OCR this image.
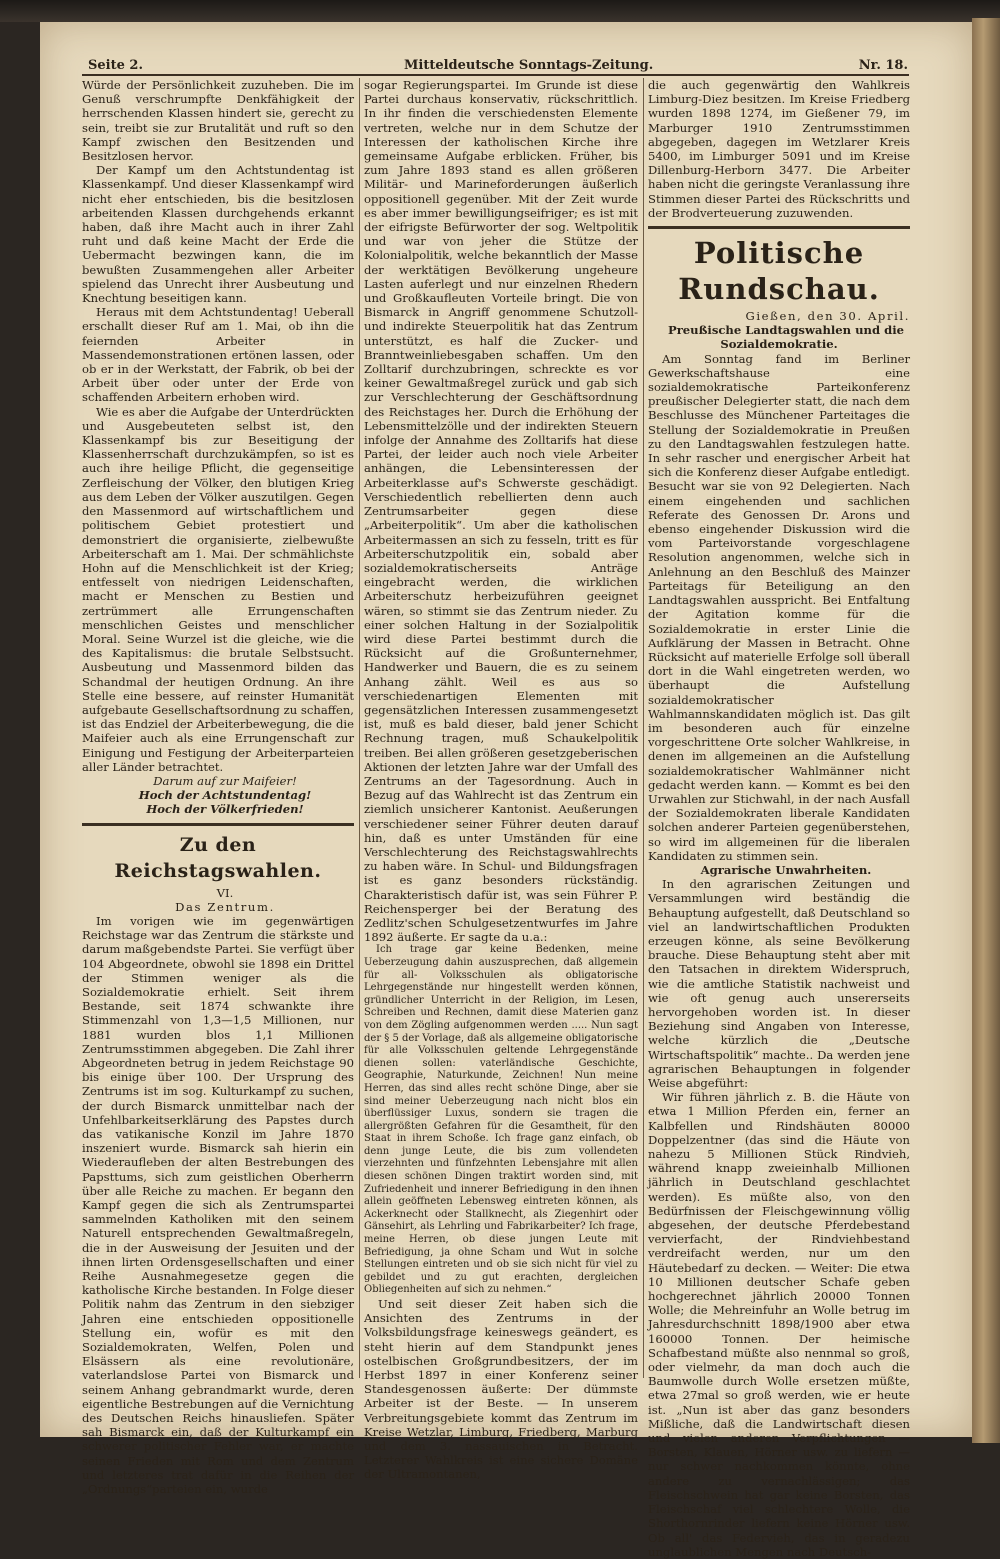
Seite 2.	Mitteldeutsche Sonntags-Zeitung.	Nr. 18.

Würde der Persönlichkeit zuzuheben. Die im Genuß verschrumpfte Denkfähigkeit der herrschenden Klassen hindert sie, gerecht zu sein, treibt sie zur Brutalität und ruft so den Kampf zwischen den Besitzenden und Besitzlosen hervor.

Der Kampf um den Achtstundentag ist Klassenkampf. Und dieser Klassenkampf wird nicht eher entschieden, bis die besitzlosen arbeitenden Klassen durchgehends erkannt haben, daß ihre Macht auch in ihrer Zahl ruht und daß keine Macht der Erde die Uebermacht bezwingen kann, die im bewußten Zusammengehen aller Arbeiter spielend das Unrecht ihrer Ausbeutung und Knechtung beseitigen kann.

Heraus mit dem Achtstundentag! Ueberall erschallt dieser Ruf am 1. Mai, ob ihn die feiernden Arbeiter in Massendemonstrationen ertönen lassen, oder ob er in der Werkstatt, der Fabrik, ob bei der Arbeit über oder unter der Erde von schaffenden Arbeitern erhoben wird.

Wie es aber die Aufgabe der Unterdrückten und Ausgebeuteten selbst ist, den Klassenkampf bis zur Beseitigung der Klassenherrschaft durchzukämpfen, so ist es auch ihre heilige Pflicht, die gegenseitige Zerfleischung der Völker, den blutigen Krieg aus dem Leben der Völker auszutilgen. Gegen den Massenmord auf wirtschaftlichem und politischem Gebiet protestiert und demonstriert die organisierte, zielbewußte Arbeiterschaft am 1. Mai. Der schmählichste Hohn auf die Menschlichkeit ist der Krieg; entfesselt von niedrigen Leidenschaften, macht er Menschen zu Bestien und zertrümmert alle Errungenschaften menschlichen Geistes und menschlicher Moral. Seine Wurzel ist die gleiche, wie die des Kapitalismus: die brutale Selbstsucht. Ausbeutung und Massenmord bilden das Schandmal der heutigen Ordnung. An ihre Stelle eine bessere, auf reinster Humanität aufgebaute Gesellschaftsordnung zu schaffen, ist das Endziel der Arbeiterbewegung, die die Maifeier auch als eine Errungenschaft zur Einigung und Festigung der Arbeiterparteien aller Länder betrachtet.

Darum auf zur Maifeier!

Hoch der Achtstundentag!

Hoch der Völkerfrieden!

Zu den Reichstagswahlen.

VI.

Das Zentrum.

Im vorigen wie im gegenwärtigen Reichstage war das Zentrum die stärkste und darum maßgebendste Partei. Sie verfügt über 104 Abgeordnete, obwohl sie 1898 ein Drittel der Stimmen weniger als die Sozialdemokratie erhielt. Seit ihrem Bestande, seit 1874 schwankte ihre Stimmenzahl von 1,3—1,5 Millionen, nur 1881 wurden blos 1,1 Millionen Zentrumsstimmen abgegeben. Die Zahl ihrer Abgeordneten betrug in jedem Reichstage 90 bis einige über 100. Der Ursprung des Zentrums ist im sog. Kulturkampf zu suchen, der durch Bismarck unmittelbar nach der Unfehlbarkeitserklärung des Papstes durch das vatikanische Konzil im Jahre 1870 inszeniert wurde. Bismarck sah hierin ein Wiederaufleben der alten Bestrebungen des Papsttums, sich zum geistlichen Oberherrn über alle Reiche zu machen. Er begann den Kampf gegen die sich als Zentrumspartei sammelnden Katholiken mit den seinem Naturell entsprechenden Gewaltmaßregeln, die in der Ausweisung der Jesuiten und der ihnen lirten Ordensgesellschaften und einer Reihe Ausnahmegesetze gegen die katholische Kirche bestanden. In Folge dieser Politik nahm das Zentrum in den siebziger Jahren eine entschieden oppositionelle Stellung ein, wofür es mit den Sozialdemokraten, Welfen, Polen und Elsässern als eine revolutionäre, vaterlandslose Partei von Bismarck und seinem Anhang gebrandmarkt wurde, deren eigentliche Bestrebungen auf die Vernichtung des Deutschen Reichs hinausliefen. Später sah Bismarck ein, daß der Kulturkampf ein schwerer politischer Fehler war, er machte seinen Frieden mit Rom und dem Zentrum und letzteres trat dafür in die Reihen der „Ordnungs“parteien ein, wurde

sogar Regierungspartei. Im Grunde ist diese Partei durchaus konservativ, rückschrittlich. In ihr finden die verschiedensten Elemente vertreten, welche nur in dem Schutze der Interessen der katholischen Kirche ihre gemeinsame Aufgabe erblicken. Früher, bis zum Jahre 1893 stand es allen größeren Militär- und Marineforderungen äußerlich oppositionell gegenüber. Mit der Zeit wurde es aber immer bewilligungseifriger; es ist mit der eifrigste Befürworter der sog. Weltpolitik und war von jeher die Stütze der Kolonialpolitik, welche bekanntlich der Masse der werktätigen Bevölkerung ungeheure Lasten auferlegt und nur einzelnen Rhedern und Großkaufleuten Vorteile bringt. Die von Bismarck in Angriff genommene Schutzoll- und indirekte Steuerpolitik hat das Zentrum unterstützt, es half die Zucker- und Branntweinliebesgaben schaffen. Um den Zolltarif durchzubringen, schreckte es vor keiner Gewaltmaßregel zurück und gab sich zur Verschlechterung der Geschäftsordnung des Reichstages her. Durch die Erhöhung der Lebensmittelzölle und der indirekten Steuern infolge der Annahme des Zolltarifs hat diese Partei, der leider auch noch viele Arbeiter anhängen, die Lebensinteressen der Arbeiterklasse auf's Schwerste geschädigt. Verschiedentlich rebellierten denn auch Zentrumsarbeiter gegen diese „Arbeiterpolitik“. Um aber die katholischen Arbeitermassen an sich zu fesseln, tritt es für Arbeiterschutzpolitik ein, sobald aber sozialdemokratischerseits Anträge eingebracht werden, die wirklichen Arbeiterschutz herbeizuführen geeignet wären, so stimmt sie das Zentrum nieder. Zu einer solchen Haltung in der Sozialpolitik wird diese Partei bestimmt durch die Rücksicht auf die Großunternehmer, Handwerker und Bauern, die es zu seinem Anhang zählt. Weil es aus so verschiedenartigen Elementen mit gegensätzlichen Interessen zusammengesetzt ist, muß es bald dieser, bald jener Schicht Rechnung tragen, muß Schaukelpolitik treiben. Bei allen größeren gesetzgeberischen Aktionen der letzten Jahre war der Umfall des Zentrums an der Tagesordnung. Auch in Bezug auf das Wahlrecht ist das Zentrum ein ziemlich unsicherer Kantonist. Aeußerungen verschiedener seiner Führer deuten darauf hin, daß es unter Umständen für eine Verschlechterung des Reichstagswahlrechts zu haben wäre. In Schul- und Bildungsfragen ist es ganz besonders rückständig. Charakteristisch dafür ist, was sein Führer P. Reichensperger bei der Beratung des Zedlitz'schen Schulgesetzentwurfes im Jahre 1892 äußerte. Er sagte da u.a.:

Ich trage gar keine Bedenken, meine Ueberzeugung dahin auszusprechen, daß allgemein für all- Volksschulen als obligatorische Lehrgegenstände nur hingestellt werden können, gründlicher Unterricht in der Religion, im Lesen, Schreiben und Rechnen, damit diese Materien ganz von dem Zögling aufgenommen werden ..... Nun sagt der § 5 der Vorlage, daß als allgemeine obligatorische für alle Volksschulen geltende Lehrgegenstände dienen sollen: vaterländische Geschichte, Geographie, Naturkunde, Zeichnen! Nun meine Herren, das sind alles recht schöne Dinge, aber sie sind meiner Ueberzeugung nach nicht blos ein überflüssiger Luxus, sondern sie tragen die allergrößten Gefahren für die Gesamtheit, für den Staat in ihrem Schoße. Ich frage ganz einfach, ob denn junge Leute, die bis zum vollendeten vierzehnten und fünfzehnten Lebensjahre mit allen diesen schönen Dingen traktirt worden sind, mit Zufriedenheit und innerer Befriedigung in den ihnen allein geöffneten Lebensweg eintreten können, als Ackerknecht oder Stallknecht, als Ziegenhirt oder Gänsehirt, als Lehrling und Fabrikarbeiter? Ich frage, meine Herren, ob diese jungen Leute mit Befriedigung, ja ohne Scham und Wut in solche Stellungen eintreten und ob sie sich nicht für viel zu gebildet und zu gut erachten, dergleichen Obliegenheiten auf sich zu nehmen.“

Und seit dieser Zeit haben sich die Ansichten des Zentrums in der Volksbildungsfrage keineswegs geändert, es steht hierin auf dem Standpunkt jenes ostelbischen Großgrundbesitzers, der im Herbst 1897 in einer Konferenz seiner Standesgenossen äußerte: Der dümmste Arbeiter ist der Beste. — In unserem Verbreitungsgebiete kommt das Zentrum im Kreise Wetzlar, Limburg, Friedberg, Marburg und dem 3. nassauischen in Betracht. Letzterer Wahlkreis ist eine sichere Domäne der Ultramontanen,

die auch gegenwärtig den Wahlkreis Limburg-Diez besitzen. Im Kreise Friedberg wurden 1898 1274, im Gießener 79, im Marburger 1910 Zentrumsstimmen abgegeben, dagegen im Wetzlarer Kreis 5400, im Limburger 5091 und im Kreise Dillenburg-Herborn 3477. Die Arbeiter haben nicht die geringste Veranlassung ihre Stimmen dieser Partei des Rückschritts und der Brodverteuerung zuzuwenden.

Politische Rundschau.

Gießen, den 30. April.

Preußische Landtagswahlen und die Sozialdemokratie.

Am Sonntag fand im Berliner Gewerkschaftshause eine sozialdemokratische Parteikonferenz preußischer Delegierter statt, die nach dem Beschlusse des Münchener Parteitages die Stellung der Sozialdemokratie in Preußen zu den Landtagswahlen festzulegen hatte. In sehr rascher und energischer Arbeit hat sich die Konferenz dieser Aufgabe entledigt. Besucht war sie von 92 Delegierten. Nach einem eingehenden und sachlichen Referate des Genossen Dr. Arons und ebenso eingehender Diskussion wird die vom Parteivorstande vorgeschlagene Resolution angenommen, welche sich in Anlehnung an den Beschluß des Mainzer Parteitags für Beteiligung an den Landtagswahlen ausspricht. Bei Entfaltung der Agitation komme für die Sozialdemokratie in erster Linie die Aufklärung der Massen in Betracht. Ohne Rücksicht auf materielle Erfolge soll überall dort in die Wahl eingetreten werden, wo überhaupt die Aufstellung sozialdemokratischer Wahlmannskandidaten möglich ist. Das gilt im besonderen auch für einzelne vorgeschrittene Orte solcher Wahlkreise, in denen im allgemeinen an die Aufstellung sozialdemokratischer Wahlmänner nicht gedacht werden kann. — Kommt es bei den Urwahlen zur Stichwahl, in der nach Ausfall der Sozialdemokraten liberale Kandidaten solchen anderer Parteien gegenüberstehen, so wird im allgemeinen für die liberalen Kandidaten zu stimmen sein.

Agrarische Unwahrheiten.

In den agrarischen Zeitungen und Versammlungen wird beständig die Behauptung aufgestellt, daß Deutschland so viel an landwirtschaftlichen Produkten erzeugen könne, als seine Bevölkerung brauche. Diese Behauptung steht aber mit den Tatsachen in direktem Widerspruch, wie die amtliche Statistik nachweist und wie oft genug auch unsererseits hervorgehoben worden ist. In dieser Beziehung sind Angaben von Interesse, welche kürzlich die „Deutsche Wirtschaftspolitik“ machte.. Da werden jene agrarischen Behauptungen in folgender Weise abgeführt:

Wir führen jährlich z. B. die Häute von etwa 1 Million Pferden ein, ferner an Kalbfellen und Rindshäuten 80000 Doppelzentner (das sind die Häute von nahezu 5 Millionen Stück Rindvieh, während knapp zweieinhalb Millionen jährlich in Deutschland geschlachtet werden). Es müßte also, von den Bedürfnissen der Fleischgewinnung völlig abgesehen, der deutsche Pferdebestand vervierfacht, der Rindviehbestand verdreifacht werden, nur um den Häutebedarf zu decken. — Weiter: Die etwa 10 Millionen deutscher Schafe geben hochgerechnet jährlich 20000 Tonnen Wolle; die Mehreinfuhr an Wolle betrug im Jahresdurchschnitt 1898/1900 aber etwa 160000 Tonnen. Der heimische Schafbestand müßte also nennmal so groß, oder vielmehr, da man doch auch die Baumwolle durch Wolle ersetzen müßte, etwa 27mal so groß werden, wie er heute ist. „Nun ist aber das ganz besonders Mißliche, daß die Landwirtschaft diesen und vielen anderen Verpflichtungen — Borsten, Klauen, Hörner usw. zu liefern — nur schwer nachkommen könnte, ohne andere zu vernachlässigen; das Fleischschwein hat gar keine Borsten, das Fleischschaf viel schlechtere Wolle, die Shorthornrinder liefern keine Hörner usw. Ob all' das Federvieh, das in geradezu unglaublichen Mengen nach Deutsch-
